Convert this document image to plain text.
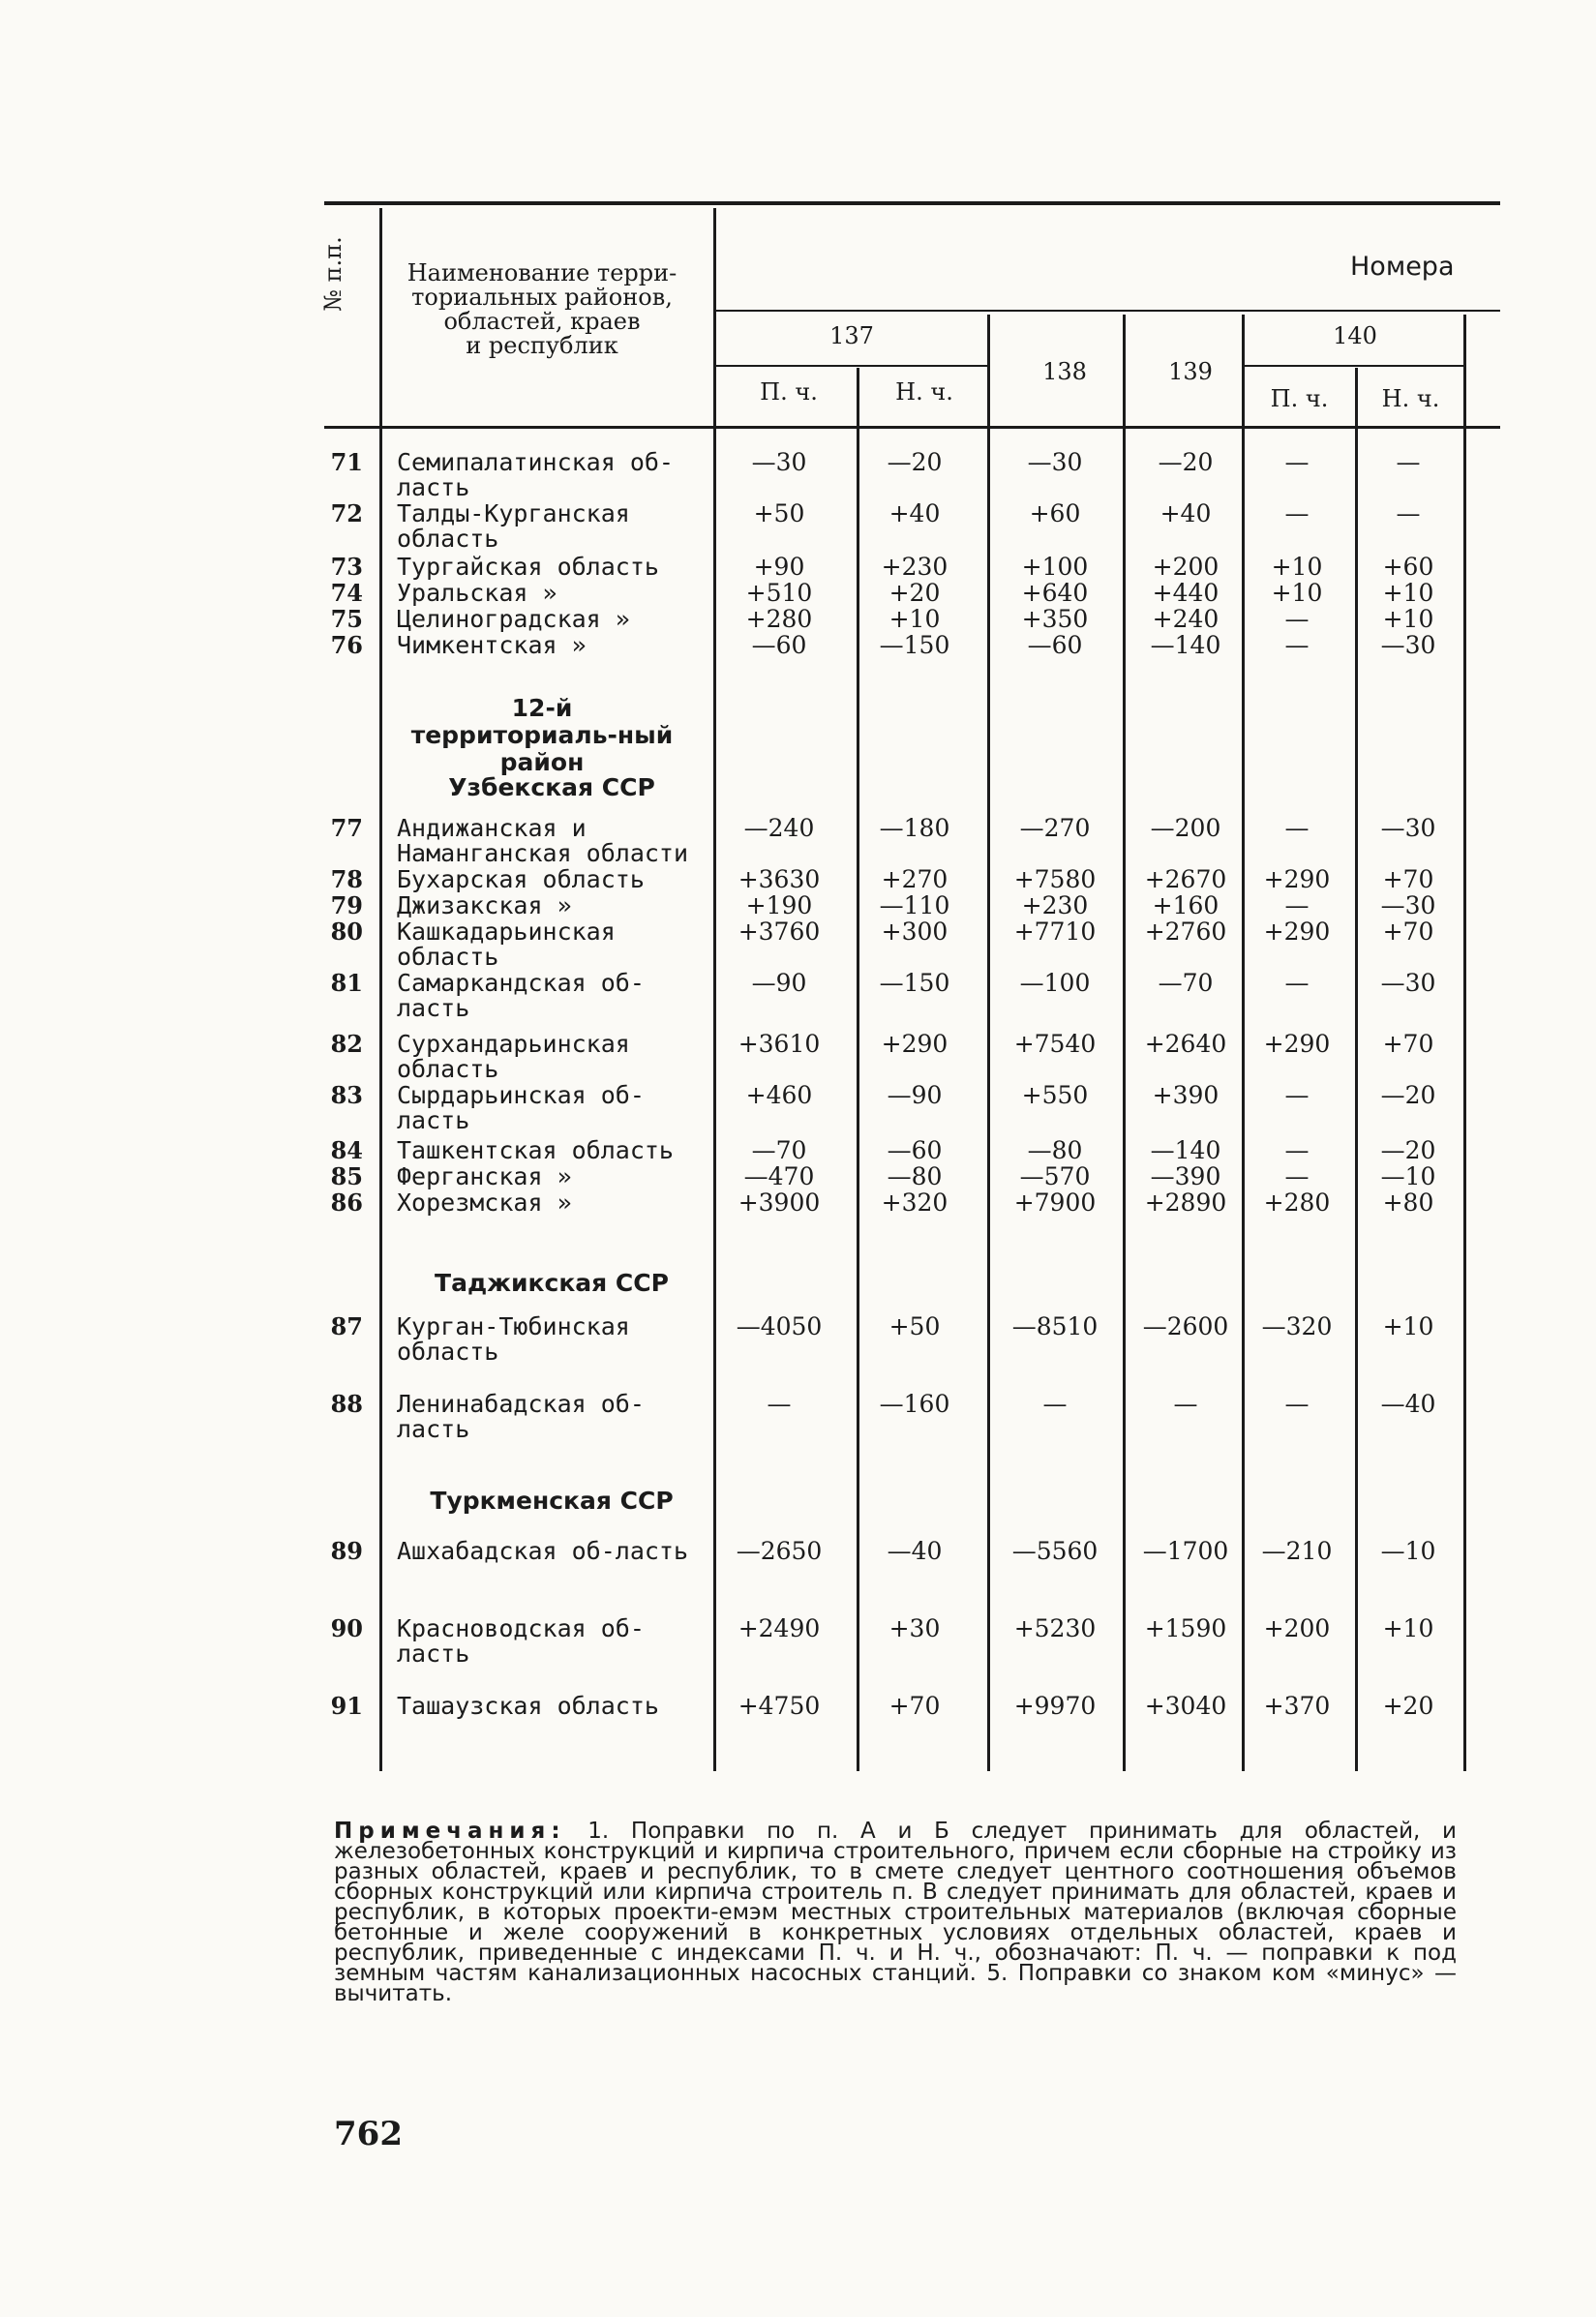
№ п.п.	Наименование терри-
ториальных районов,
областей, краев
и республик
Номера
137
138	139
140
П. ч.	Н. ч.	П. ч.	Н. ч.
12-й территориаль-ный район
Узбекская ССР
Таджикская ССР
Туркменская ССР
71 Семипалатинская об-ласть
—30	—20	—30	—20	—	—
72 Талды-Курганская область
+50	+40	+60	+40	—	—
73 Тургайская область	+90	+230	+100	+200	+10	+60
74 Уральская »	+510	+20	+640	+440	+10	+10
75 Целиноградская »	+280	+10	+350	+240	—	+10
76 Чимкентская »	—60	—150	—60	—140	—	—30
77 Андижанская и Наманганская области
—240	—180	—270	—200	—	—30
78 Бухарская область	+3630	+270	+7580	+2670	+290	+70
79 Джизакская »	+190	—110	+230	+160	—	—30
80 Кашкадарьинская область
+3760	+300	+7710	+2760	+290	+70
81 Самаркандская об-ласть
—90	—150	—100	—70	—	—30
82 Сурхандарьинская область
+3610	+290	+7540	+2640	+290	+70
83 Сырдарьинская об-ласть
+460	—90	+550	+390	—	—20
84 Ташкентская область	—70	—60	—80	—140	—	—20
85 Ферганская »	—470	—80	—570	—390	—	—10
86 Хорезмская »	+3900	+320	+7900	+2890	+280	+80
87 Курган-Тюбинская область
—4050	+50	—8510 —2600	—320	+10
88 Ленинабадская об-ласть
—	—160	—	—	—	—40
89 Ашхабадская об-ласть	—2650	—40	—5560 —1700	—210	—10
90 Красноводская об-ласть
+2490	+30	+5230	+1590	+200	+10
91 Ташаузская область	+4750	+70	+9970	+3040	+370	+20
Примечания: 1. Поправки по п. А и Б следует принимать для областей, и железобетонных конструкций и кирпича строительного, причем если сборные на стройку из разных областей, краев и республик, то в смете следует центного соотношения объемов сборных конструкций или кирпича строитель п. В следует принимать для областей, краев и республик, в которых проекти-емэм местных строительных материалов (включая сборные бетонные и желе сооружений в конкретных условиях отдельных областей, краев и республик, приведенные с индексами П. ч. и Н. ч., обозначают: П. ч. — поправки к под земным частям канализационных насосных станций. 5. Поправки со знаком ком «минус» — вычитать.
762
